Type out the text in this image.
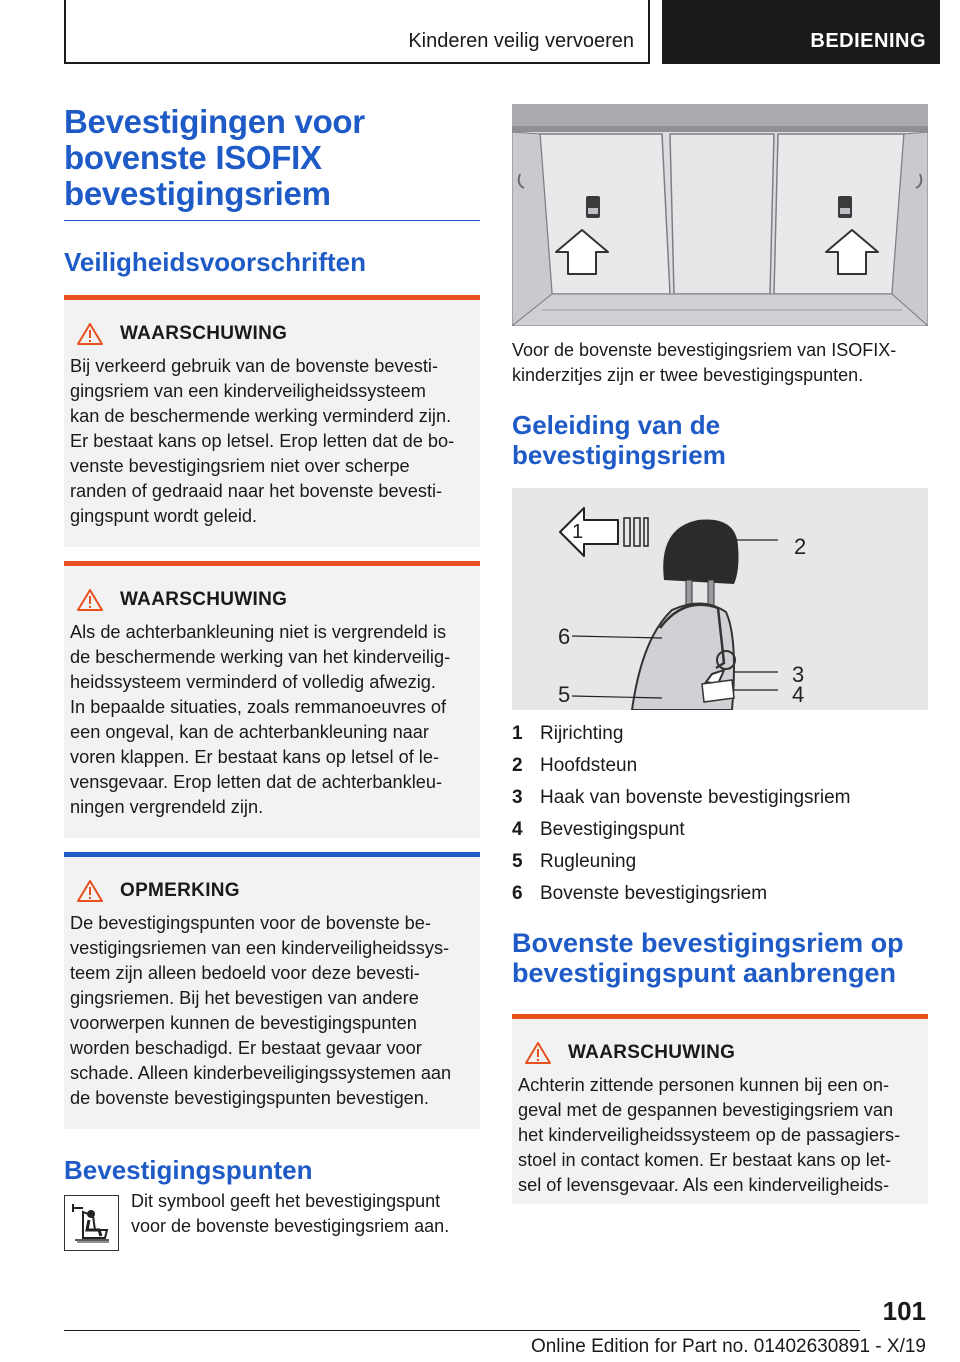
Kinderen veilig vervoeren	BEDIENING
Bevestigingen voor
bovenste ISOFIX
bevestigingsriem
Veiligheidsvoorschriften
WAARSCHUWING

Bij verkeerd gebruik van de bovenste bevesti-
gingsriem van een kinderveiligheidssysteem
kan de beschermende werking verminderd zijn.
Er bestaat kans op letsel. Erop letten dat de bo-
venste bevestigingsriem niet over scherpe
randen of gedraaid naar het bovenste bevesti-
gingspunt wordt geleid.

WAARSCHUWING

Als de achterbankleuning niet is vergrendeld is
de beschermende werking van het kinderveilig-
heidssysteem verminderd of volledig afwezig.
In bepaalde situaties, zoals remmanoeuvres of
een ongeval, kan de achterbankleuning naar
voren klappen. Er bestaat kans op letsel of le-
vensgevaar. Erop letten dat de achterbankleu-
ningen vergrendeld zijn.

OPMERKING

De bevestigingspunten voor de bovenste be-
vestigingsriemen van een kinderveiligheidssys-
teem zijn alleen bedoeld voor deze bevesti-
gingsriemen. Bij het bevestigen van andere
voorwerpen kunnen de bevestigingspunten
worden beschadigd. Er bestaat gevaar voor
schade. Alleen kinderbeveiligingssystemen aan
de bovenste bevestigingspunten bevestigen.

Bevestigingspunten
Dit symbool geeft het bevestigingspunt
voor de bovenste bevestigingsriem aan.
Voor de bovenste bevestigingsriem van ISOFIX-
kinderzitjes zijn er twee bevestigingspunten.
Geleiding van de
bevestigingsriem
1
2
6
5
3
4
1 Rijrichting
2 Hoofdsteun
3 Haak van bovenste bevestigingsriem
4 Bevestigingspunt
5 Rugleuning
6 Bovenste bevestigingsriem
Bovenste bevestigingsriem op
bevestigingspunt aanbrengen
WAARSCHUWING

Achterin zittende personen kunnen bij een on-
geval met de gespannen bevestigingsriem van
het kinderveiligheidssysteem op de passagiers-
stoel in contact komen. Er bestaat kans op let-
sel of levensgevaar. Als een kinderveiligheids-

101
Online Edition for Part no. 01402630891 - X/19
